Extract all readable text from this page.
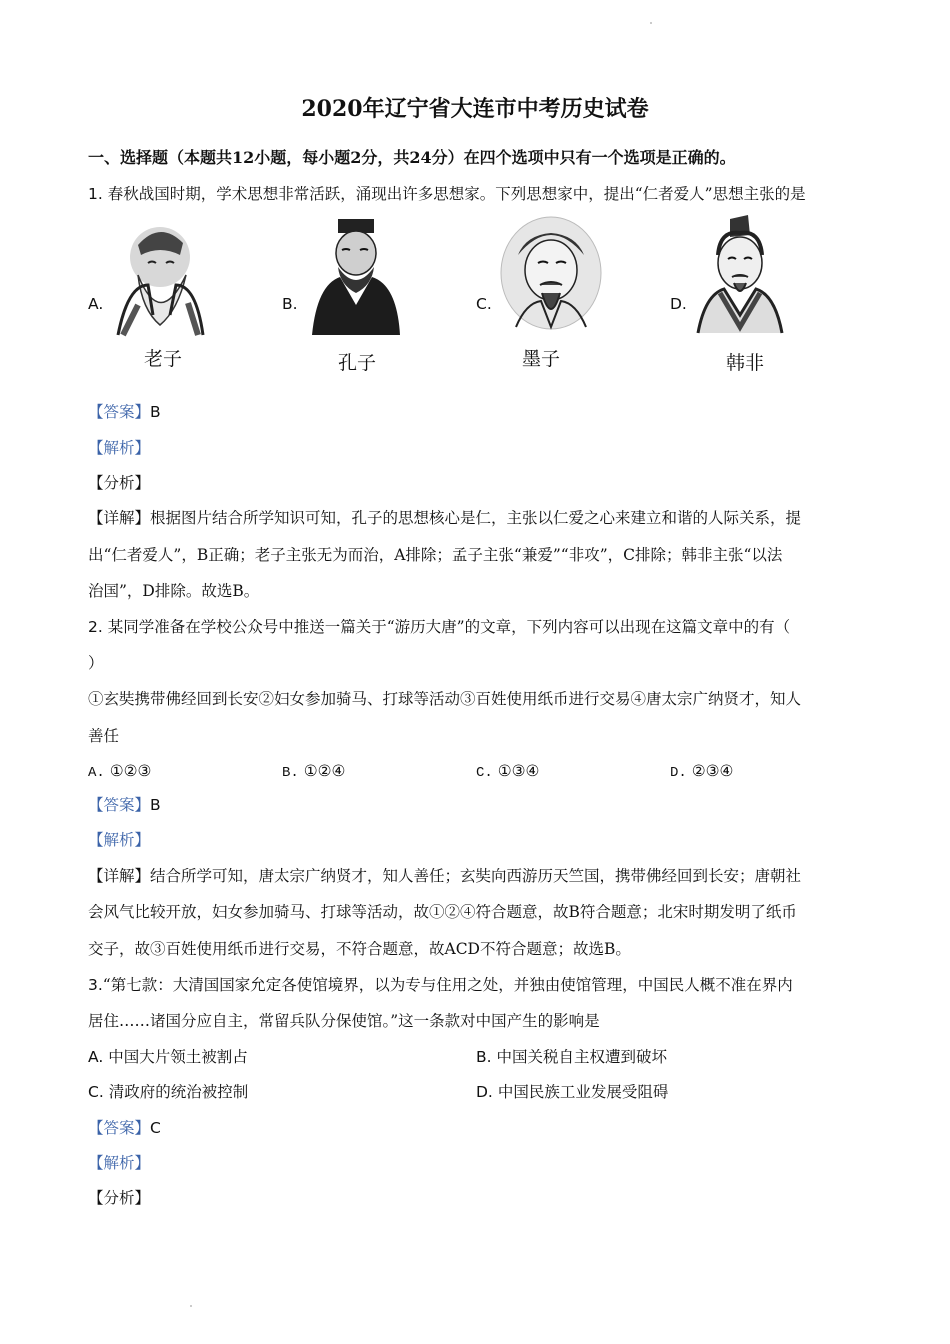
2020年辽宁省大连市中考历史试卷
一、选择题（本题共12小题，每小题2分，共24分）在四个选项中只有一个选项是正确的。
1. 春秋战国时期，学术思想非常活跃，涌现出许多思想家。下列思想家中，提出“仁者爱人”思想主张的是
A.	B.	C.	D.
老子	孔子	墨子	韩非
【答案】B
【解析】
【分析】
【详解】根据图片结合所学知识可知，孔子的思想核心是仁，主张以仁爱之心来建立和谐的人际关系，提
出“仁者爱人”，B正确；老子主张无为而治，A排除；孟子主张“兼爱”“非攻”，C排除；韩非主张“以法
治国”，D排除。故选B。
2. 某同学准备在学校公众号中推送一篇关于“游历大唐”的文章，下列内容可以出现在这篇文章中的有（
）
①玄奘携带佛经回到长安②妇女参加骑马、打球等活动③百姓使用纸币进行交易④唐太宗广纳贤才，知人
善任
A. ①②③	B. ①②④	C. ①③④	D. ②③④
【答案】B
【解析】
【详解】结合所学可知，唐太宗广纳贤才，知人善任；玄奘向西游历天竺国，携带佛经回到长安；唐朝社
会风气比较开放，妇女参加骑马、打球等活动，故①②④符合题意，故B符合题意；北宋时期发明了纸币
交子，故③百姓使用纸币进行交易，不符合题意，故ACD不符合题意；故选B。
3.“第七款：大清国国家允定各使馆境界，以为专与住用之处，并独由使馆管理，中国民人概不准在界内
居住……诸国分应自主，常留兵队分保使馆。”这一条款对中国产生的影响是
A. 中国大片领土被割占	B. 中国关税自主权遭到破坏
C. 清政府的统治被控制	D. 中国民族工业发展受阻碍
【答案】C
【解析】
【分析】
